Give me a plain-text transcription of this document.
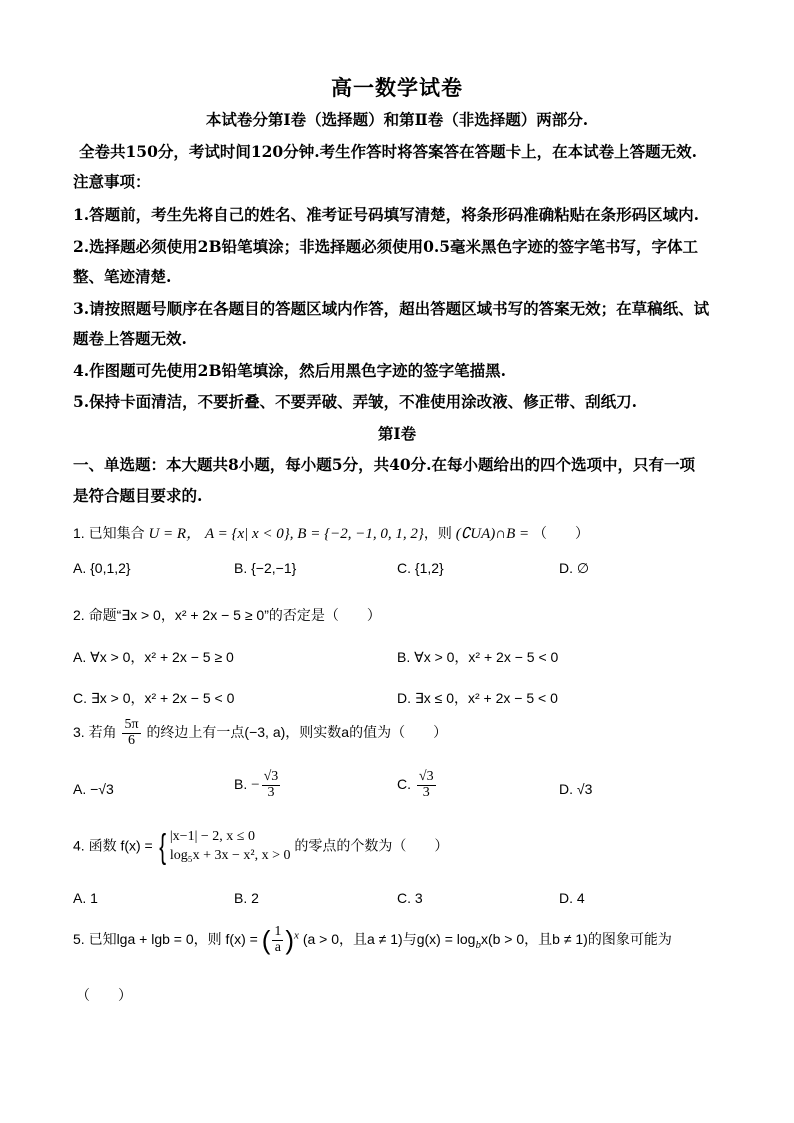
高一数学试卷
本试卷分第Ⅰ卷（选择题）和第Ⅱ卷（非选择题）两部分.
全卷共150分，考试时间120分钟.考生作答时将答案答在答题卡上，在本试卷上答题无效.
注意事项：
1.答题前，考生先将自己的姓名、准考证号码填写清楚，将条形码准确粘贴在条形码区域内.
2.选择题必须使用2B铅笔填涂；非选择题必须使用0.5毫米黑色字迹的签字笔书写，字体工
整、笔迹清楚.
3.请按照题号顺序在各题目的答题区域内作答，超出答题区域书写的答案无效；在草稿纸、试
题卷上答题无效.
4.作图题可先使用2B铅笔填涂，然后用黑色字迹的签字笔描黑.
5.保持卡面清洁，不要折叠、不要弄破、弄皱，不准使用涂改液、修正带、刮纸刀.
第Ⅰ卷
一、单选题：本大题共8小题，每小题5分，共40分.在每小题给出的四个选项中，只有一项
是符合题目要求的.
1. 已知集合 U = R， A = {x| x < 0}, B = {−2, −1, 0, 1, 2}，则 (∁UA)∩B = （　　）
A. {0,1,2}	B. {−2,−1}	C. {1,2}	D. ∅
2. 命题“∃x > 0，x² + 2x − 5 ≥ 0”的否定是（　　）
A. ∀x > 0，x² + 2x − 5 ≥ 0	B. ∀x > 0，x² + 2x − 5 < 0
C. ∃x > 0，x² + 2x − 5 < 0	D. ∃x ≤ 0，x² + 2x − 5 < 0
3. 若角 $\frac{5\pi}{6}$ 的终边上有一点(−3, a)，则实数a的值为（　　）
A. −√3	B. − $\frac{√3}{3}$	C. $\frac{√3}{3}$	D. √3
4. 函数 f(x) = { |x−1| − 2, x ≤ 0
log₅x + 3x − x², x > 0
的零点的个数为（　　）
A. 1	B. 2	C. 3	D. 4
5. 已知lga + lgb = 0，则 f(x) = ( $\frac{1}{a} )^x$ (a > 0，且a ≠ 1)与$g(x) = \log_bx(b > 0$，且b ≠ 1)的图象可能为
（　　）
